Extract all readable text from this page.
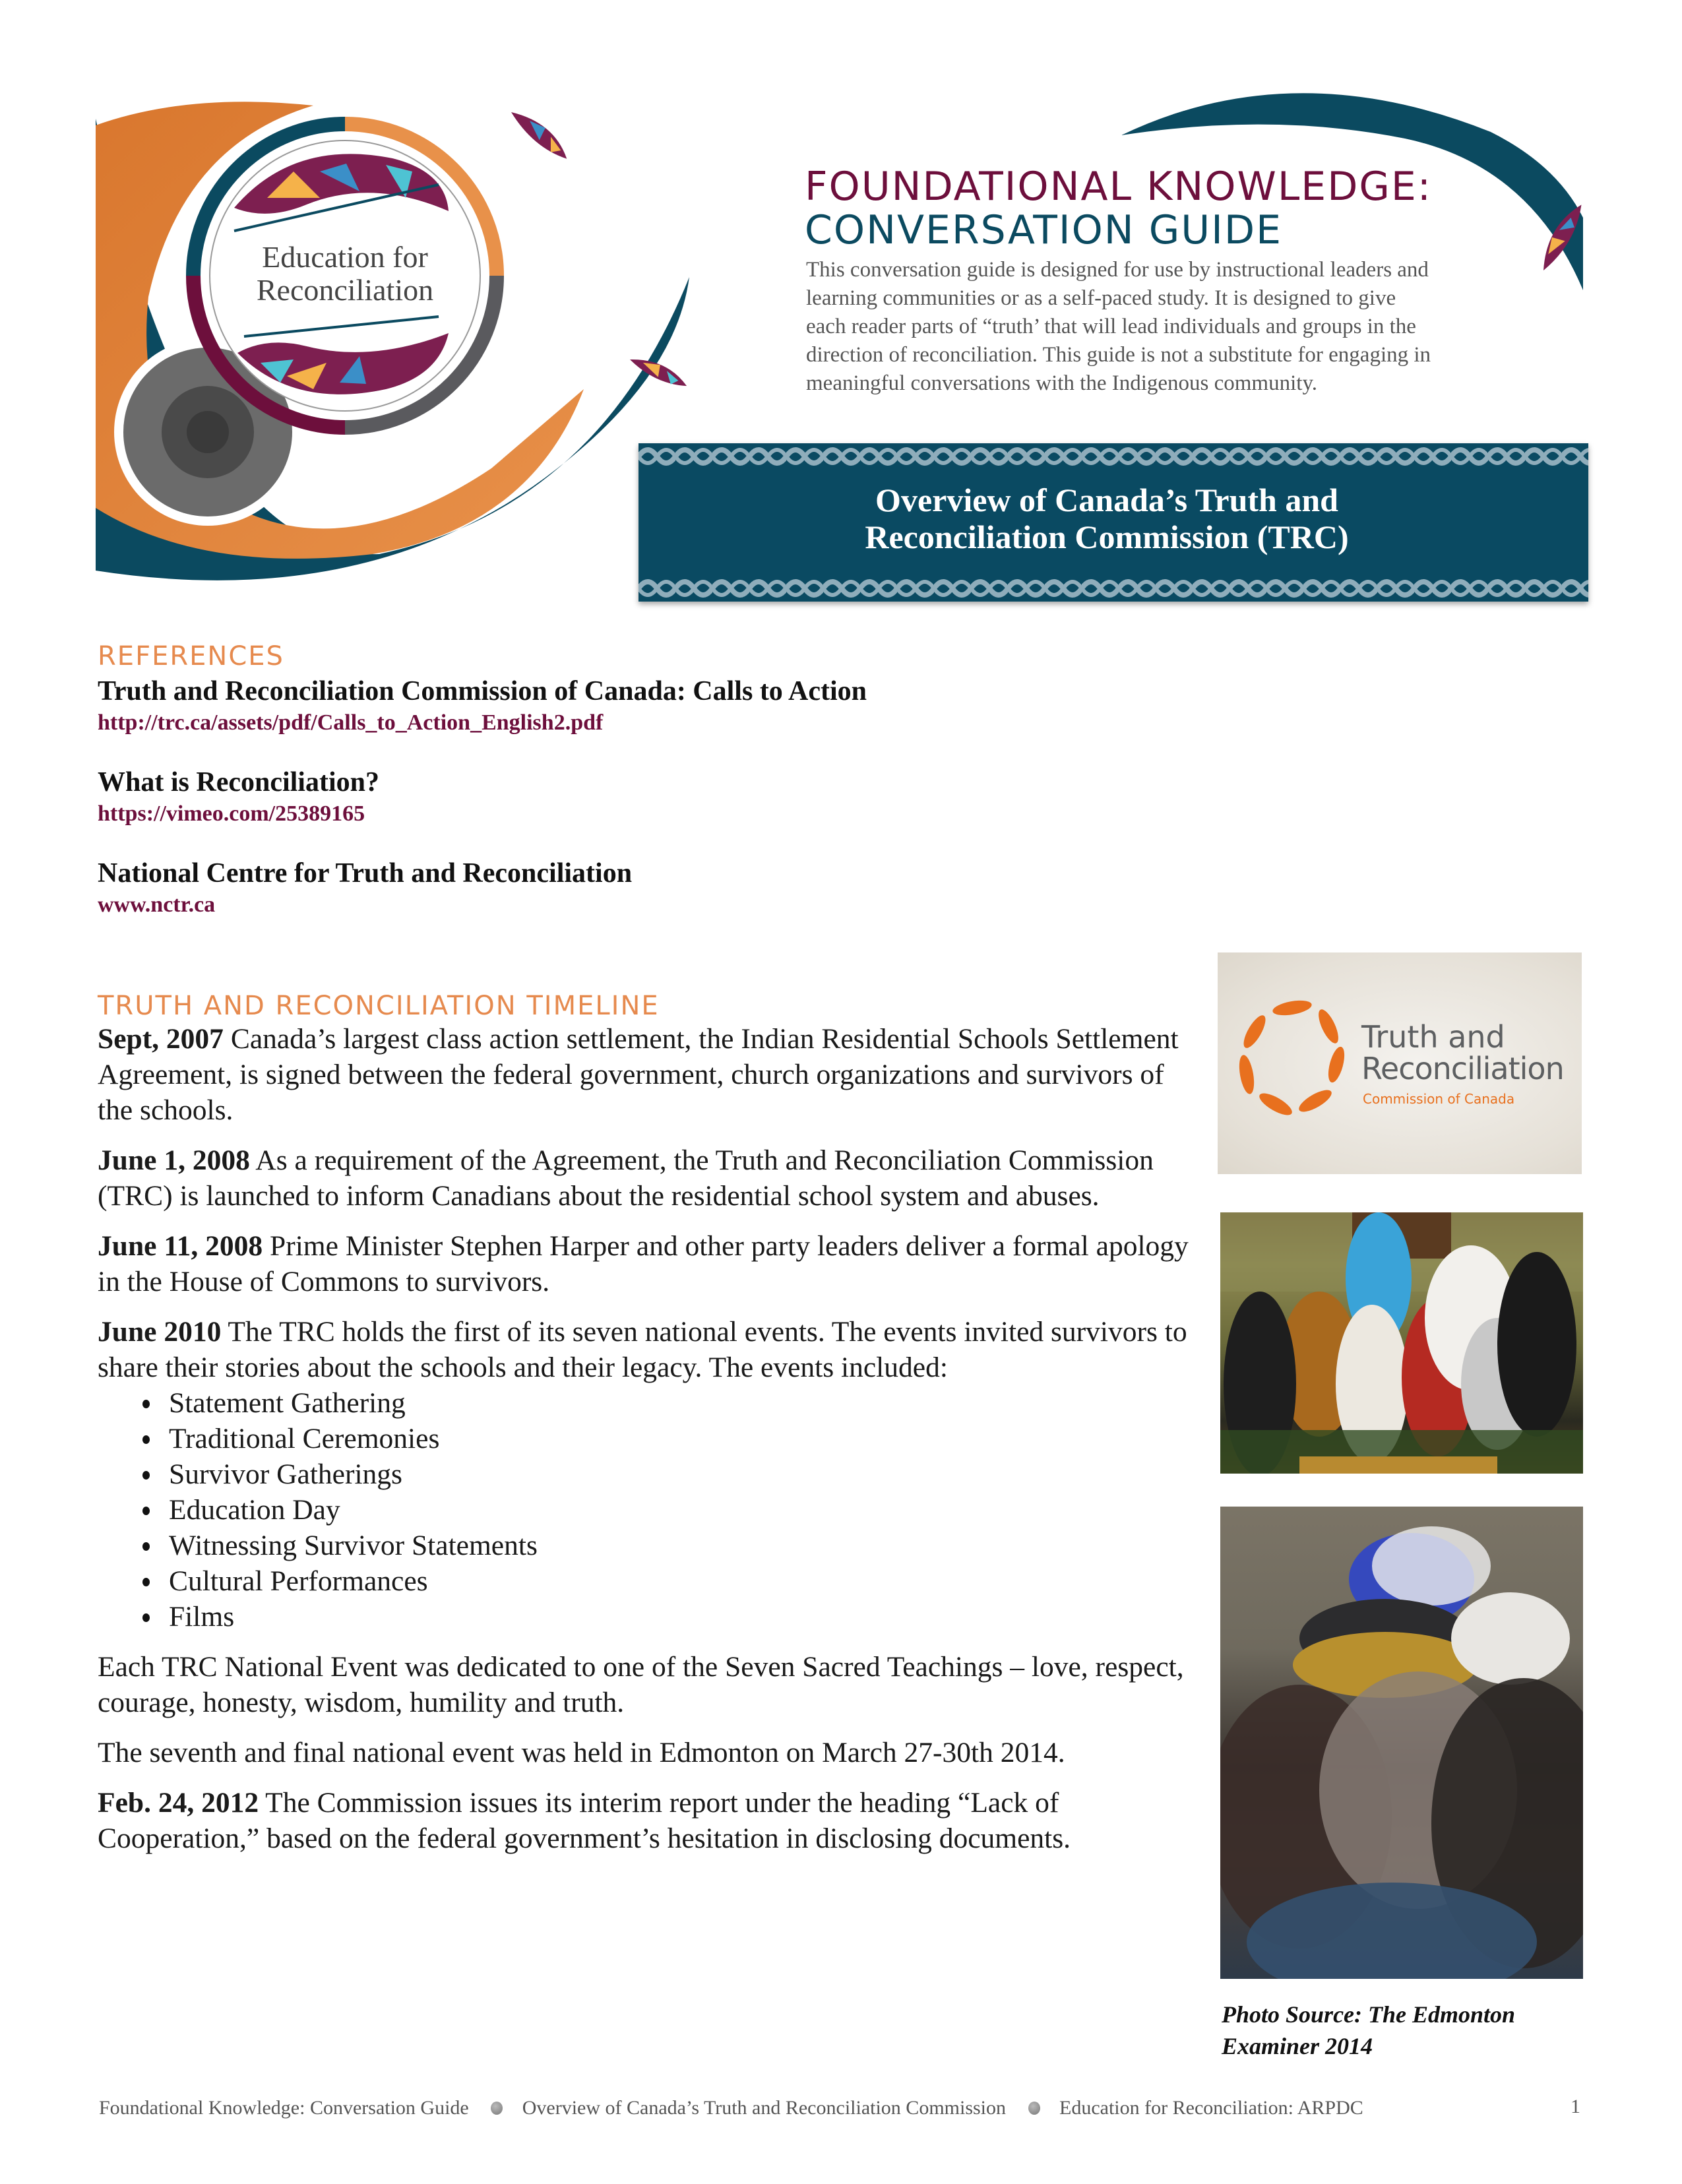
Education for
Reconciliation
FOUNDATIONAL KNOWLEDGE:
CONVERSATION GUIDE
This conversation guide is designed for use by instructional leaders and learning communities or as a self-paced study. It is designed to give each reader parts of “truth’ that will lead individuals and groups in the direction of reconciliation. This guide is not a substitute for engaging in meaningful conversations with the Indigenous community.
Overview of Canada’s Truth and
Reconciliation Commission (TRC)
REFERENCES
Truth and Reconciliation Commission of Canada: Calls to Action
http://trc.ca/assets/pdf/Calls_to_Action_English2.pdf
What is Reconciliation?
https://vimeo.com/25389165
National Centre for Truth and Reconciliation
www.nctr.ca
TRUTH AND RECONCILIATION TIMELINE

Sept, 2007 Canada’s largest class action settlement, the Indian Residential Schools Settlement Agreement, is signed between the federal government, church organizations and survivors of the schools.

June 1, 2008 As a requirement of the Agreement, the Truth and Reconciliation Commission (TRC) is launched to inform Canadians about the residential school system and abuses.

June 11, 2008 Prime Minister Stephen Harper and other party leaders deliver a formal apology in the House of Commons to survivors.

June 2010 The TRC holds the first of its seven national events. The events invited survivors to share their stories about the schools and their legacy. The events included:

Statement Gathering
Traditional Ceremonies
Survivor Gatherings
Education Day
Witnessing Survivor Statements
Cultural Performances
Films

Each TRC National Event was dedicated to one of the Seven Sacred Teachings – love, respect, courage, honesty, wisdom, humility and truth.

The seventh and final national event was held in Edmonton on March 27-30th 2014.

Feb. 24, 2012 The Commission issues its interim report under the heading “Lack of Cooperation,” based on the federal government’s hesitation in disclosing documents.

Truth and
Reconciliation
Commission of Canada
Photo Source: The Edmonton Examiner 2014
Foundational Knowledge: Conversation Guide	Overview of Canada’s Truth and Reconciliation Commission	Education for Reconciliation: ARPDC	1
